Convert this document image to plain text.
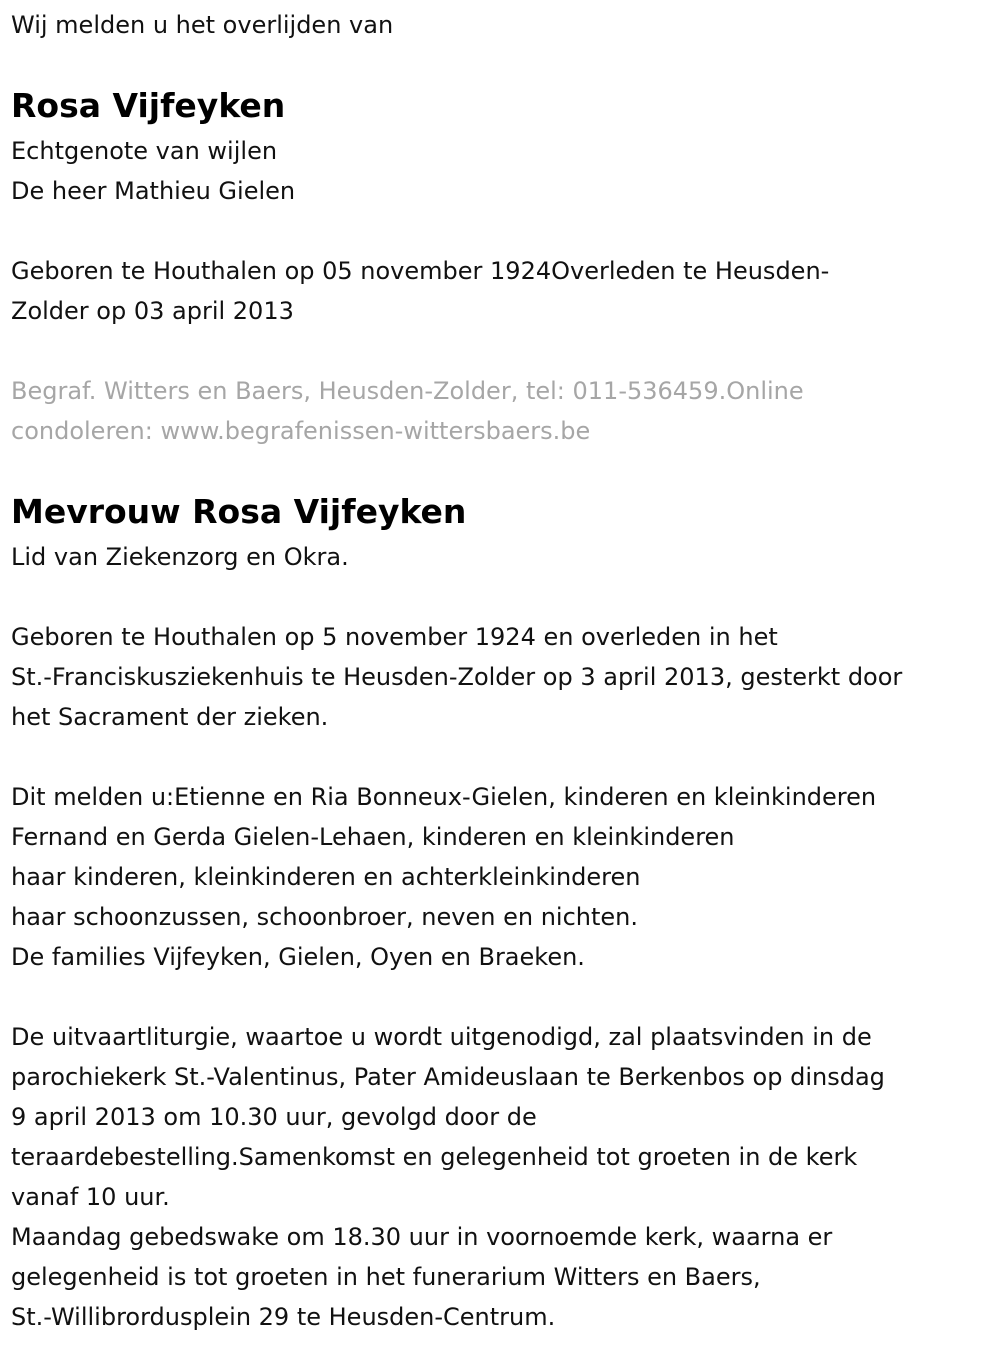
Wij melden u het overlijden van
Rosa Vijfeyken
Echtgenote van wijlen
De heer Mathieu Gielen
Geboren te Houthalen op 05 november 1924Overleden te Heusden-
Zolder op 03 april 2013
Begraf. Witters en Baers, Heusden-Zolder, tel: 011-536459.Online
condoleren: www.begrafenissen-wittersbaers.be
Mevrouw Rosa Vijfeyken
Lid van Ziekenzorg en Okra.
Geboren te Houthalen op 5 november 1924 en overleden in het
St.-Franciskusziekenhuis te Heusden-Zolder op 3 april 2013, gesterkt door
het Sacrament der zieken.
Dit melden u:Etienne en Ria Bonneux-Gielen, kinderen en kleinkinderen
Fernand en Gerda Gielen-Lehaen, kinderen en kleinkinderen
haar kinderen, kleinkinderen en achterkleinkinderen
haar schoonzussen, schoonbroer, neven en nichten.
De families Vijfeyken, Gielen, Oyen en Braeken.
De uitvaartliturgie, waartoe u wordt uitgenodigd, zal plaatsvinden in de
parochiekerk St.-Valentinus, Pater Amideuslaan te Berkenbos op dinsdag
9 april 2013 om 10.30 uur, gevolgd door de
teraardebestelling.Samenkomst en gelegenheid tot groeten in de kerk
vanaf 10 uur.
Maandag gebedswake om 18.30 uur in voornoemde kerk, waarna er
gelegenheid is tot groeten in het funerarium Witters en Baers,
St.-Willibrordusplein 29 te Heusden-Centrum.
